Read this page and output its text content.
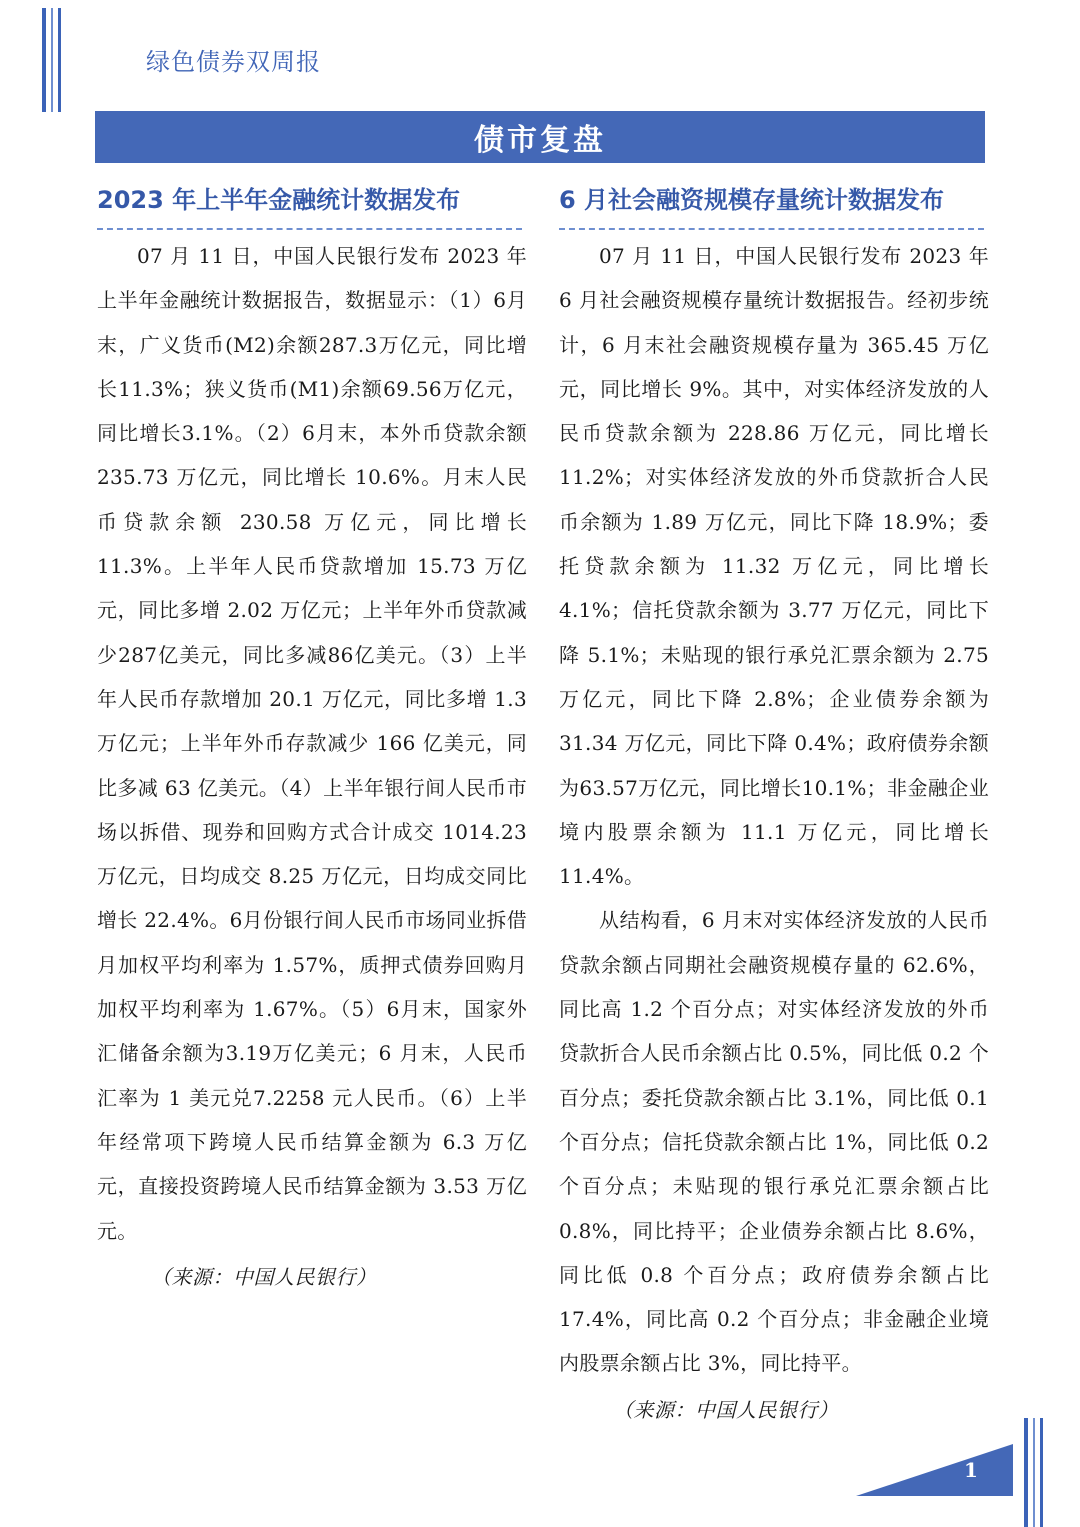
绿色债券双周报
债市复盘
2023 年上半年金融统计数据发布

07 月 11 日，中国人民银行发布 2023 年上半年金融统计数据报告，数据显示：（1）6月末，广义货币(M2)余额287.3万亿元，同比增长11.3%；狭义货币(M1)余额69.56万亿元，同比增长3.1%。（2）6月末，本外币贷款余额 235.73 万亿元，同比增长 10.6%。月末人民币贷款余额 230.58 万亿元，同比增长11.3%。上半年人民币贷款增加 15.73 万亿元，同比多增 2.02 万亿元；上半年外币贷款减少287亿美元，同比多减86亿美元。（3）上半年人民币存款增加 20.1 万亿元，同比多增 1.3 万亿元；上半年外币存款减少 166 亿美元，同比多减 63 亿美元。（4）上半年银行间人民币市场以拆借、现券和回购方式合计成交 1014.23 万亿元，日均成交 8.25 万亿元，日均成交同比增长 22.4%。6月份银行间人民币市场同业拆借月加权平均利率为 1.57%，质押式债券回购月加权平均利率为 1.67%。（5）6月末，国家外汇储备余额为3.19万亿美元；6 月末，人民币汇率为 1 美元兑7.2258 元人民币。（6）上半年经常项下跨境人民币结算金额为 6.3 万亿元，直接投资跨境人民币结算金额为 3.53 万亿元。

（来源：中国人民银行）

6 月社会融资规模存量统计数据发布

07 月 11 日，中国人民银行发布 2023 年 6 月社会融资规模存量统计数据报告。经初步统计，6 月末社会融资规模存量为 365.45 万亿元，同比增长 9%。其中，对实体经济发放的人民币贷款余额为 228.86 万亿元，同比增长 11.2%；对实体经济发放的外币贷款折合人民币余额为 1.89 万亿元，同比下降 18.9%；委托贷款余额为 11.32 万亿元，同比增长 4.1%；信托贷款余额为 3.77 万亿元，同比下降 5.1%；未贴现的银行承兑汇票余额为 2.75 万亿元，同比下降 2.8%；企业债券余额为 31.34 万亿元，同比下降 0.4%；政府债券余额为63.57万亿元，同比增长10.1%；非金融企业境内股票余额为 11.1 万亿元，同比增长 11.4%。

从结构看，6 月末对实体经济发放的人民币贷款余额占同期社会融资规模存量的 62.6%，同比高 1.2 个百分点；对实体经济发放的外币贷款折合人民币余额占比 0.5%，同比低 0.2 个百分点；委托贷款余额占比 3.1%，同比低 0.1 个百分点；信托贷款余额占比 1%，同比低 0.2 个百分点；未贴现的银行承兑汇票余额占比 0.8%，同比持平；企业债券余额占比 8.6%，同比低 0.8 个百分点；政府债券余额占比 17.4%，同比高 0.2 个百分点；非金融企业境内股票余额占比 3%，同比持平。

（来源：中国人民银行）

1
